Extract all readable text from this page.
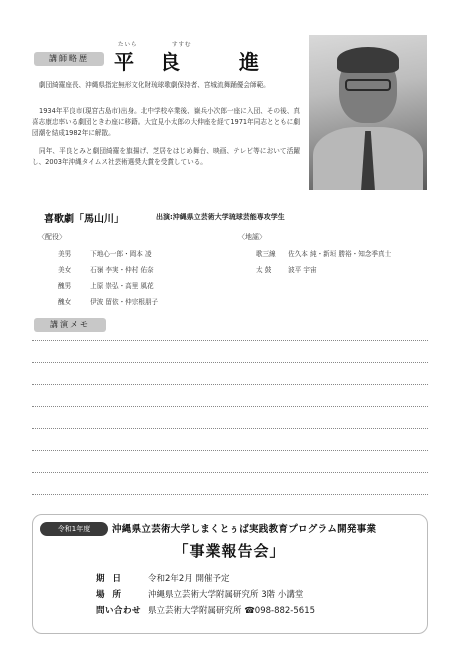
講師略歴
たいら	すすむ
平良 進

劇団綺羅座長、沖縄県指定無形文化財琉球歌劇保持者、宮城流舞踊優会師範。

1934年平良市(現宮古島市)出身。北中学校卒業後、嶽兵小次郎一座に入団、その後、真喜志康忠率いる劇団ときわ座に移籍。大宜見小太郎の大伸座を経て1971年同志とともに劇団潮を結成1982年に解散。

同年、平良とみと劇団綺羅を旗揚げ、芝居をはじめ舞台、映画、テレビ等において活躍し、2003年沖縄タイムス社芸術選奨大賞を受賞している。

喜歌劇「馬山川」	出演:沖縄県立芸術大学琉球芸能専攻学生
〈配役〉
美男	下地心一郎・岡本 凌
美女	石嶺 李実・仲村 佑奈
醜男	上原 崇弘・高里 風花
醜女	伊波 留依・仲宗根朋子
〈地謡〉
歌三線 佐久本 純・新垣 勝裕・知念季真士
太 鼓	波平 宇宙
講演メモ
令和1年度	沖縄県立芸術大学しまくとぅば実践教育プログラム開発事業
「事業報告会」
期日 令和2年2月 開催予定
場所 沖縄県立芸術大学附属研究所 3階 小講堂
問い合わせ 県立芸術大学附属研究所 ☎098-882-5615
